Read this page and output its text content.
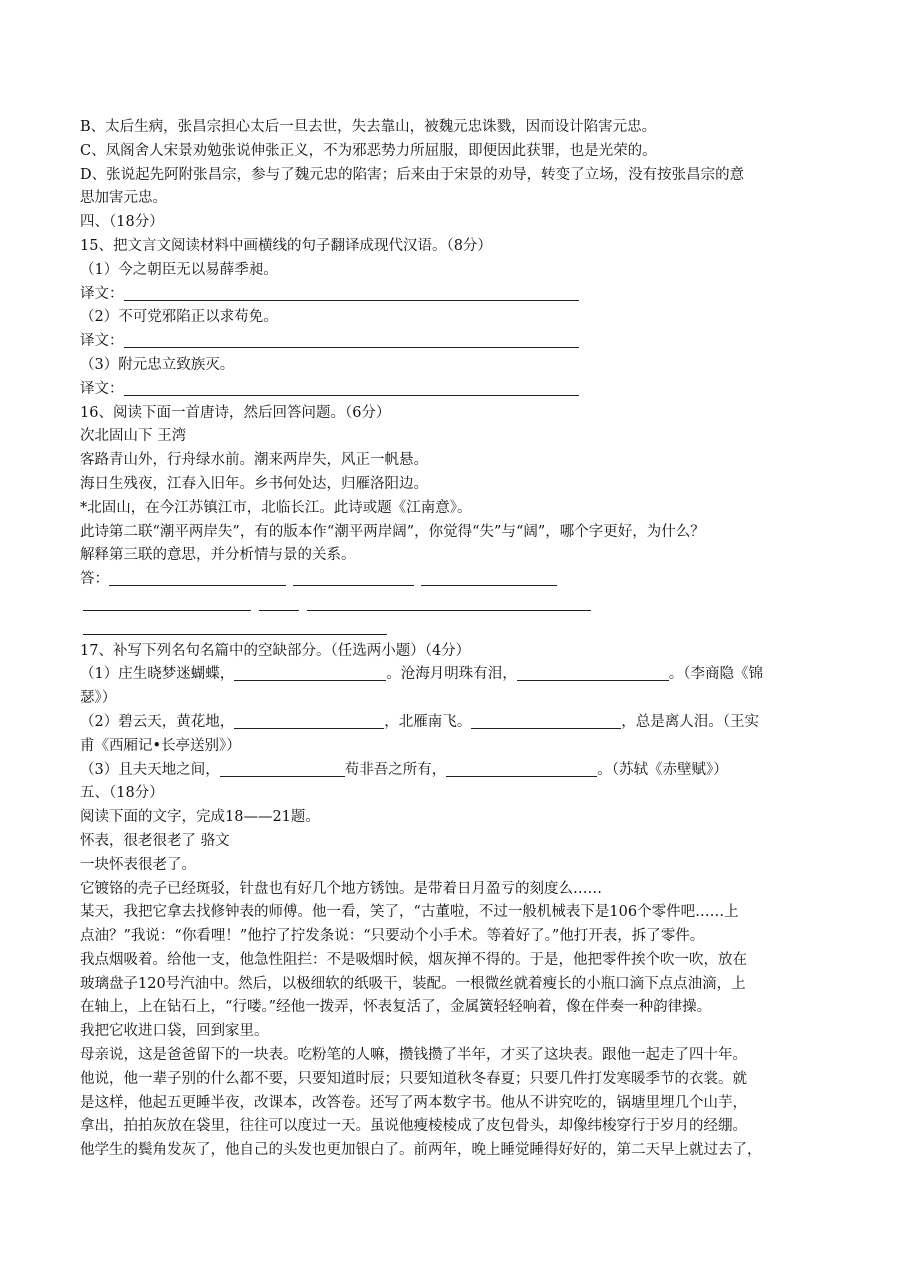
B、太后生病，张昌宗担心太后一旦去世，失去靠山，被魏元忠诛戮，因而设计陷害元忠。
C、凤阁舍人宋景劝勉张说伸张正义，不为邪恶势力所屈服，即便因此获罪，也是光荣的。
D、张说起先阿附张昌宗，参与了魏元忠的陷害；后来由于宋景的劝导，转变了立场，没有按张昌宗的意
思加害元忠。
四、（18分）
15、把文言文阅读材料中画横线的句子翻译成现代汉语。（8分）
（1）今之朝臣无以易薛季昶。
译文：
（2）不可党邪陷正以求苟免。
译文：
（3）附元忠立致族灭。
译文：
16、阅读下面一首唐诗，然后回答问题。（6分）
次北固山下 王湾
客路青山外，行舟绿水前。潮来两岸失，风正一帆悬。
海日生残夜，江春入旧年。乡书何处达，归雁洛阳边。
*北固山，在今江苏镇江市，北临长江。此诗或题《江南意》。
此诗第二联“潮平两岸失”，有的版本作“潮平两岸阔”，你觉得“失”与“阔”，哪个字更好，为什么？
解释第三联的意思，并分析情与景的关系。
答：
17、补写下列名句名篇中的空缺部分。（任选两小题）（4分）
（1）庄生晓梦迷蝴蝶，	。沧海月明珠有泪，	。（李商隐《锦
瑟》）
（2）碧云天，黄花地，	，北雁南飞。	，总是离人泪。（王实
甫《西厢记•长亭送别》）
（3）且夫天地之间，	苟非吾之所有，	。（苏轼《赤壁赋》）
五、（18分）
阅读下面的文字，完成18——21题。
怀表，很老很老了 骆文
一块怀表很老了。
它镀铬的壳子已经斑驳，针盘也有好几个地方锈蚀。是带着日月盈亏的刻度么……
某天，我把它拿去找修钟表的师傅。他一看，笑了，“古董啦，不过一般机械表下是106个零件吧……上
点油？”我说：“你看哩！”他拧了拧发条说：“只要动个小手术。等着好了。”他打开表，拆了零件。
我点烟吸着。给他一支，他急性阻拦：不是吸烟时候，烟灰掸不得的。于是，他把零件挨个吹一吹，放在
玻璃盘子120号汽油中。然后，以极细软的纸吸干，装配。一根微丝就着瘦长的小瓶口滴下点点油滴，上
在轴上，上在钻石上，“行喽。”经他一拨弄，怀表复活了，金属簧轻轻响着，像在伴奏一种韵律操。
我把它收进口袋，回到家里。
母亲说，这是爸爸留下的一块表。吃粉笔的人嘛，攒钱攒了半年，才买了这块表。跟他一起走了四十年。
他说，他一辈子别的什么都不要，只要知道时辰；只要知道秋冬春夏；只要几件打发寒暖季节的衣裳。就
是这样，他起五更睡半夜，改课本，改答卷。还写了两本数字书。他从不讲究吃的，锅塘里埋几个山芋，
拿出，拍拍灰放在袋里，往往可以度过一天。虽说他瘦棱棱成了皮包骨头，却像纬梭穿行于岁月的经绷。
他学生的鬓角发灰了，他自己的头发也更加银白了。前两年，晚上睡觉睡得好好的，第二天早上就过去了，
